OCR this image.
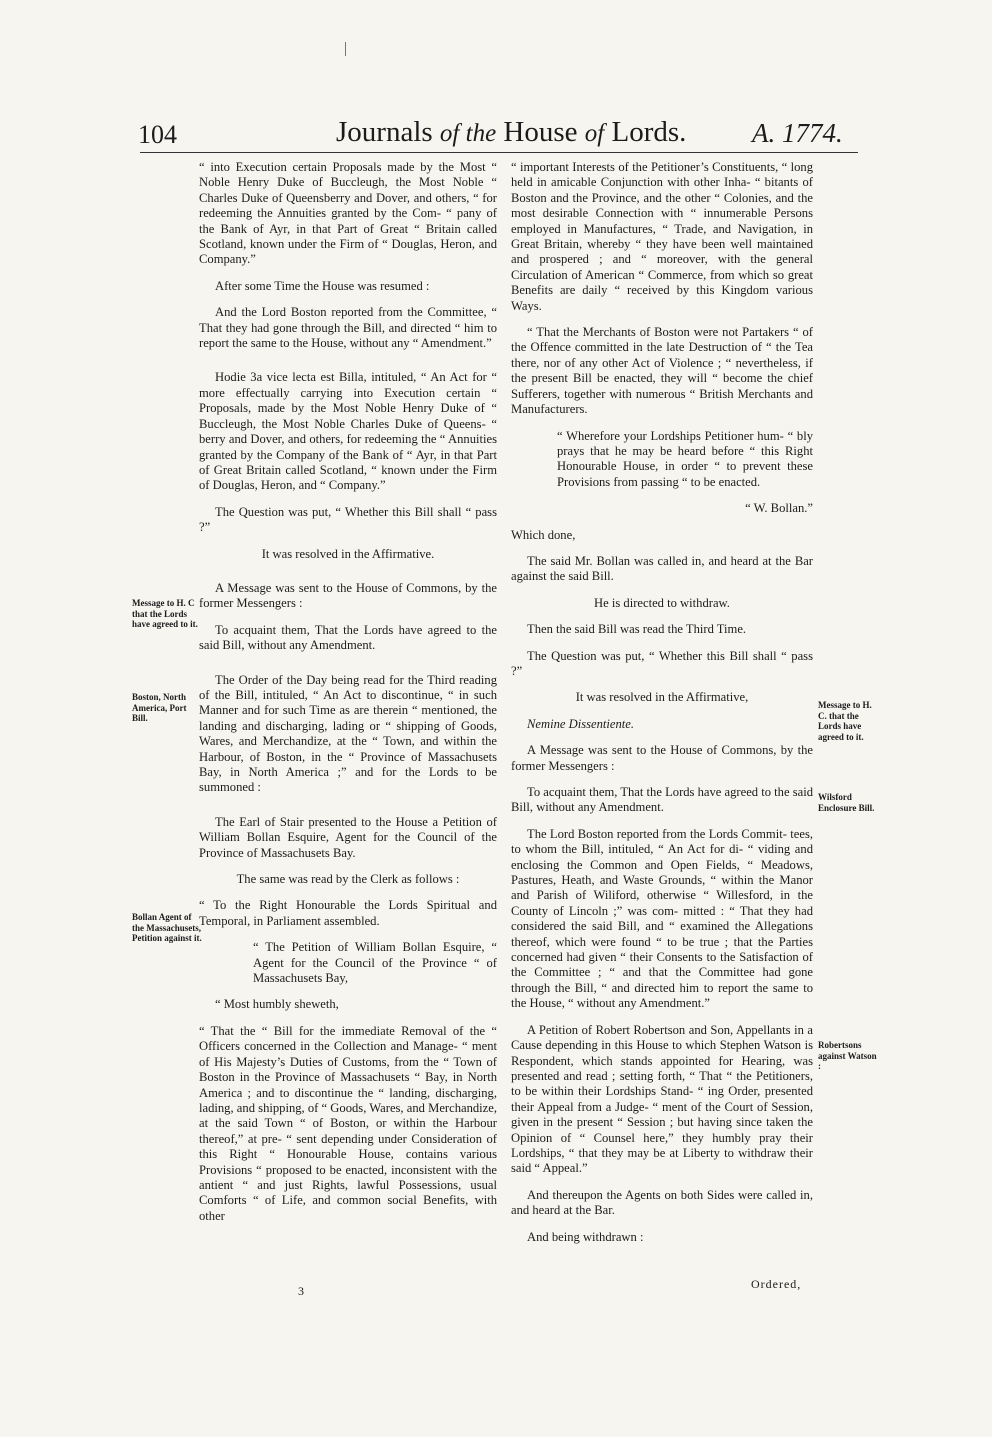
104	Journals of the House of Lords. A. 1774.

“ into Execution certain Proposals made by the Most “ Noble Henry Duke of Buccleugh, the Most Noble “ Charles Duke of Queensberry and Dover, and others, “ for redeeming the Annuities granted by the Com- “ pany of the Bank of Ayr, in that Part of Great “ Britain called Scotland, known under the Firm of “ Douglas, Heron, and Company.”

After some Time the House was resumed :

And the Lord Boston reported from the Committee, “ That they had gone through the Bill, and directed “ him to report the same to the House, without any “ Amendment.”

Hodie 3a vice lecta est Billa, intituled, “ An Act for “ more effectually carrying into Execution certain “ Proposals, made by the Most Noble Henry Duke of “ Buccleugh, the Most Noble Charles Duke of Queens- “ berry and Dover, and others, for redeeming the “ Annuities granted by the Company of the Bank of “ Ayr, in that Part of Great Britain called Scotland, “ known under the Firm of Douglas, Heron, and “ Company.”

The Question was put, “ Whether this Bill shall “ pass ?”

It was resolved in the Affirmative.

A Message was sent to the House of Commons, by the former Messengers :

To acquaint them, That the Lords have agreed to the said Bill, without any Amendment.

The Order of the Day being read for the Third reading of the Bill, intituled, “ An Act to discontinue, “ in such Manner and for such Time as are therein “ mentioned, the landing and discharging, lading or “ shipping of Goods, Wares, and Merchandize, at the “ Town, and within the Harbour, of Boston, in the “ Province of Massachusets Bay, in North America ;” and for the Lords to be summoned :

The Earl of Stair presented to the House a Petition of William Bollan Esquire, Agent for the Council of the Province of Massachusets Bay.

The same was read by the Clerk as follows :

“ To the Right Honourable the Lords Spiritual and Temporal, in Parliament assembled.

“ The Petition of William Bollan Esquire, “ Agent for the Council of the Province “ of Massachusets Bay,

“ Most humbly sheweth,

“ That the “ Bill for the immediate Removal of the “ Officers concerned in the Collection and Manage- “ ment of His Majesty’s Duties of Customs, from the “ Town of Boston in the Province of Massachusets “ Bay, in North America ; and to discontinue the “ landing, discharging, lading, and shipping, of “ Goods, Wares, and Merchandize, at the said Town “ of Boston, or within the Harbour thereof,” at pre- “ sent depending under Consideration of this Right “ Honourable House, contains various Provisions “ proposed to be enacted, inconsistent with the antient “ and just Rights, lawful Possessions, usual Comforts “ of Life, and common social Benefits, with other

“ important Interests of the Petitioner’s Constituents, “ long held in amicable Conjunction with other Inha- “ bitants of Boston and the Province, and the other “ Colonies, and the most desirable Connection with “ innumerable Persons employed in Manufactures, “ Trade, and Navigation, in Great Britain, whereby “ they have been well maintained and prospered ; and “ moreover, with the general Circulation of American “ Commerce, from which so great Benefits are daily “ received by this Kingdom various Ways.

“ That the Merchants of Boston were not Partakers “ of the Offence committed in the late Destruction of “ the Tea there, nor of any other Act of Violence ; “ nevertheless, if the present Bill be enacted, they will “ become the chief Sufferers, together with numerous “ British Merchants and Manufacturers.

“ Wherefore your Lordships Petitioner hum- “ bly prays that he may be heard before “ this Right Honourable House, in order “ to prevent these Provisions from passing “ to be enacted.

“ W. Bollan.”

Which done,

The said Mr. Bollan was called in, and heard at the Bar against the said Bill.

He is directed to withdraw.

Then the said Bill was read the Third Time.

The Question was put, “ Whether this Bill shall “ pass ?”

It was resolved in the Affirmative,

Nemine Dissentiente.

A Message was sent to the House of Commons, by the former Messengers :

To acquaint them, That the Lords have agreed to the said Bill, without any Amendment.

The Lord Boston reported from the Lords Commit- tees, to whom the Bill, intituled, “ An Act for di- “ viding and enclosing the Common and Open Fields, “ Meadows, Pastures, Heath, and Waste Grounds, “ within the Manor and Parish of Wiliford, otherwise “ Willesford, in the County of Lincoln ;” was com- mitted : “ That they had considered the said Bill, and “ examined the Allegations thereof, which were found “ to be true ; that the Parties concerned had given “ their Consents to the Satisfaction of the Committee ; “ and that the Committee had gone through the Bill, “ and directed him to report the same to the House, “ without any Amendment.”

A Petition of Robert Robertson and Son, Appellants in a Cause depending in this House to which Stephen Watson is Respondent, which stands appointed for Hearing, was presented and read ; setting forth, “ That “ the Petitioners, to be within their Lordships Stand- “ ing Order, presented their Appeal from a Judge- “ ment of the Court of Session, given in the present “ Session ; but having since taken the Opinion of “ Counsel here,” they humbly pray their Lordships, “ that they may be at Liberty to withdraw their said “ Appeal.”

And thereupon the Agents on both Sides were called in, and heard at the Bar.

And being withdrawn :

Message to H. C that the Lords have agreed to it.
Boston, North America, Port Bill.
Bollan Agent of the Massachusets, Petition against it.
Message to H. C. that the Lords have agreed to it.
Wilsford Enclosure Bill.
Robertsons against Watson :
3	Ordered,
